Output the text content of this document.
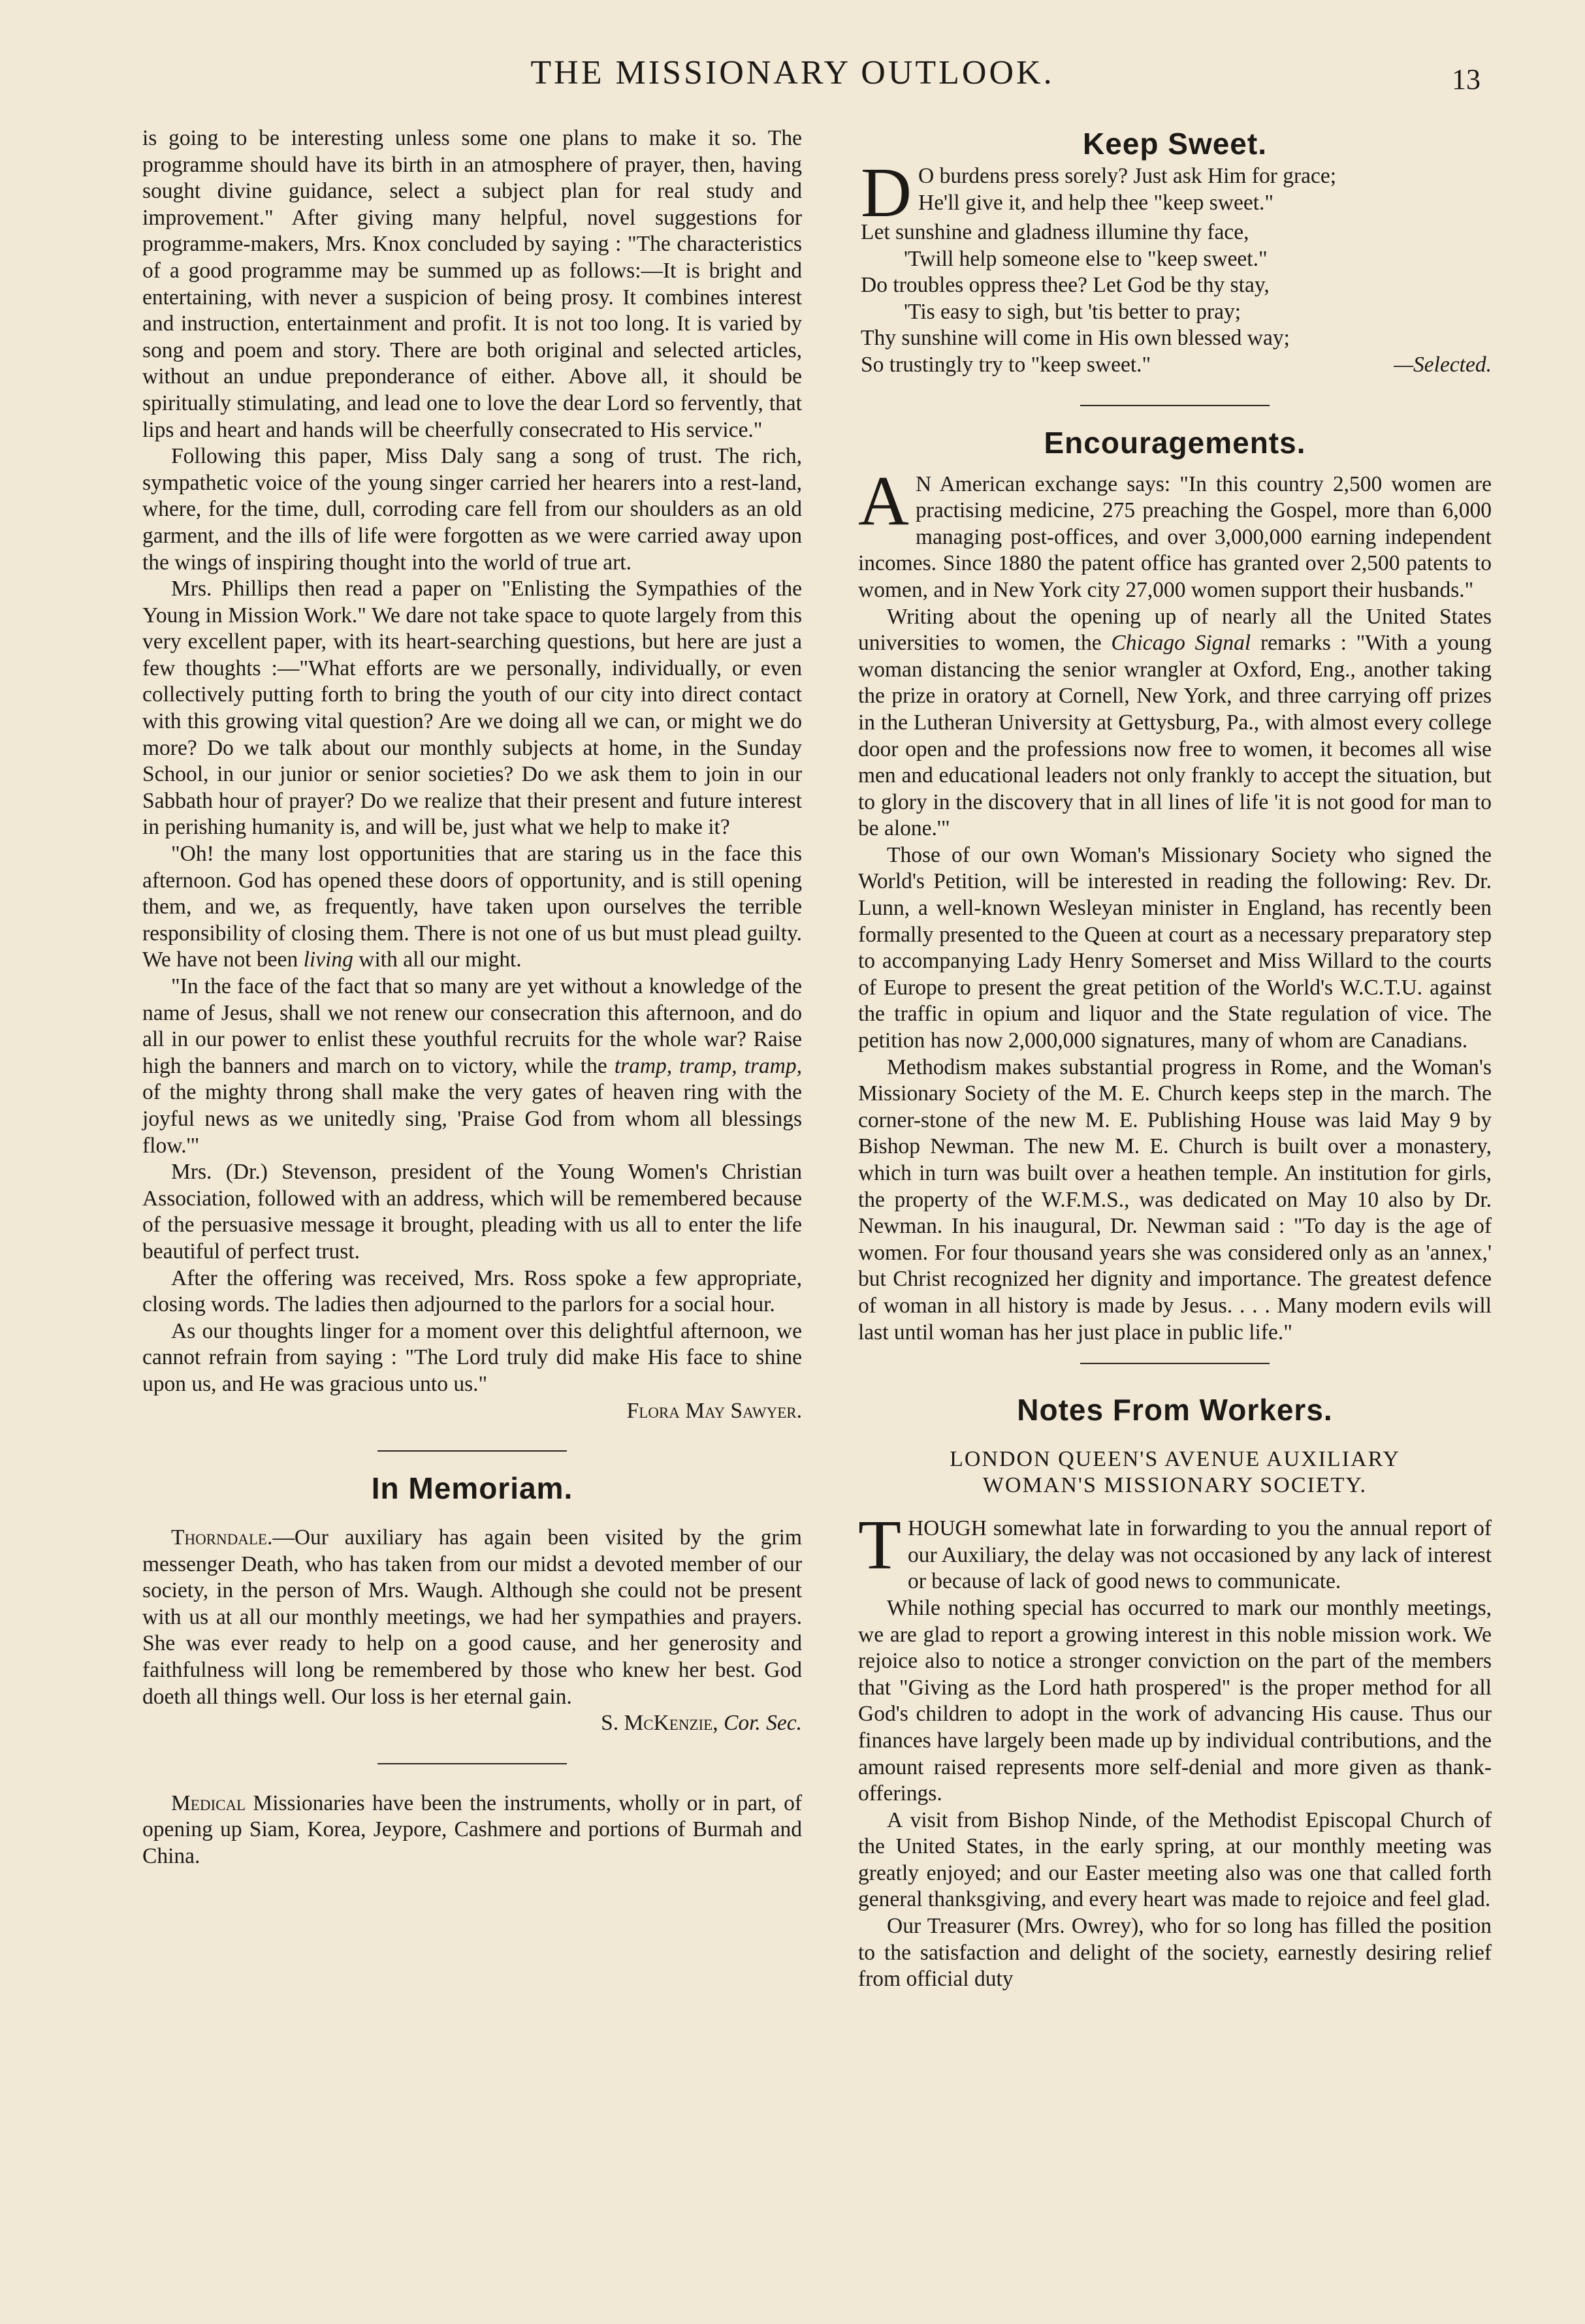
THE MISSIONARY OUTLOOK.	13

is going to be interesting unless some one plans to make it so. The programme should have its birth in an atmosphere of prayer, then, having sought divine guidance, select a subject plan for real study and improvement." After giving many helpful, novel suggestions for programme-makers, Mrs. Knox concluded by saying : "The characteristics of a good programme may be summed up as follows:—It is bright and entertaining, with never a suspicion of being prosy. It combines interest and instruction, entertainment and profit. It is not too long. It is varied by song and poem and story. There are both original and selected articles, without an undue preponderance of either. Above all, it should be spiritually stimulating, and lead one to love the dear Lord so fervently, that lips and heart and hands will be cheerfully consecrated to His service."

Following this paper, Miss Daly sang a song of trust. The rich, sympathetic voice of the young singer carried her hearers into a rest-land, where, for the time, dull, corroding care fell from our shoulders as an old garment, and the ills of life were forgotten as we were carried away upon the wings of inspiring thought into the world of true art.

Mrs. Phillips then read a paper on "Enlisting the Sympathies of the Young in Mission Work." We dare not take space to quote largely from this very excellent paper, with its heart-searching questions, but here are just a few thoughts :—"What efforts are we personally, individually, or even collectively putting forth to bring the youth of our city into direct contact with this growing vital question? Are we doing all we can, or might we do more? Do we talk about our monthly subjects at home, in the Sunday School, in our junior or senior societies? Do we ask them to join in our Sabbath hour of prayer? Do we realize that their present and future interest in perishing humanity is, and will be, just what we help to make it?

"Oh! the many lost opportunities that are staring us in the face this afternoon. God has opened these doors of opportunity, and is still opening them, and we, as frequently, have taken upon ourselves the terrible responsibility of closing them. There is not one of us but must plead guilty. We have not been living with all our might.

"In the face of the fact that so many are yet without a knowledge of the name of Jesus, shall we not renew our consecration this afternoon, and do all in our power to enlist these youthful recruits for the whole war? Raise high the banners and march on to victory, while the tramp, tramp, tramp, of the mighty throng shall make the very gates of heaven ring with the joyful news as we unitedly sing, 'Praise God from whom all blessings flow.'"

Mrs. (Dr.) Stevenson, president of the Young Women's Christian Association, followed with an address, which will be remembered because of the persuasive message it brought, pleading with us all to enter the life beautiful of perfect trust.

After the offering was received, Mrs. Ross spoke a few appropriate, closing words. The ladies then adjourned to the parlors for a social hour.

As our thoughts linger for a moment over this delightful afternoon, we cannot refrain from saying : "The Lord truly did make His face to shine upon us, and He was gracious unto us."

Flora May Sawyer.

In Memoriam.

Thorndale.—Our auxiliary has again been visited by the grim messenger Death, who has taken from our midst a devoted member of our society, in the person of Mrs. Waugh. Although she could not be present with us at all our monthly meetings, we had her sympathies and prayers. She was ever ready to help on a good cause, and her generosity and faithfulness will long be remembered by those who knew her best. God doeth all things well. Our loss is her eternal gain.

S. McKenzie, Cor. Sec.

Medical Missionaries have been the instruments, wholly or in part, of opening up Siam, Korea, Jeypore, Cashmere and portions of Burmah and China.

Keep Sweet.
D O burdens press sorely? Just ask Him for grace;

He'll give it, and help thee "keep sweet."

Let sunshine and gladness illumine thy face,

'Twill help someone else to "keep sweet."

Do troubles oppress thee? Let God be thy stay,

'Tis easy to sigh, but 'tis better to pray;

Thy sunshine will come in His own blessed way;

So trustingly try to "keep sweet."	—Selected.

Encouragements.

A N American exchange says: "In this country 2,500 women are practising medicine, 275 preaching the Gospel, more than 6,000 managing post-offices, and over 3,000,000 earning independent incomes. Since 1880 the patent office has granted over 2,500 patents to women, and in New York city 27,000 women support their husbands."

Writing about the opening up of nearly all the United States universities to women, the Chicago Signal remarks : "With a young woman distancing the senior wrangler at Oxford, Eng., another taking the prize in oratory at Cornell, New York, and three carrying off prizes in the Lutheran University at Gettysburg, Pa., with almost every college door open and the professions now free to women, it becomes all wise men and educational leaders not only frankly to accept the situation, but to glory in the discovery that in all lines of life 'it is not good for man to be alone.'"

Those of our own Woman's Missionary Society who signed the World's Petition, will be interested in reading the following: Rev. Dr. Lunn, a well-known Wesleyan minister in England, has recently been formally presented to the Queen at court as a necessary preparatory step to accompanying Lady Henry Somerset and Miss Willard to the courts of Europe to present the great petition of the World's W.C.T.U. against the traffic in opium and liquor and the State regulation of vice. The petition has now 2,000,000 signatures, many of whom are Canadians.

Methodism makes substantial progress in Rome, and the Woman's Missionary Society of the M. E. Church keeps step in the march. The corner-stone of the new M. E. Publishing House was laid May 9 by Bishop Newman. The new M. E. Church is built over a monastery, which in turn was built over a heathen temple. An institution for girls, the property of the W.F.M.S., was dedicated on May 10 also by Dr. Newman. In his inaugural, Dr. Newman said : "To day is the age of women. For four thousand years she was considered only as an 'annex,' but Christ recognized her dignity and importance. The greatest defence of woman in all history is made by Jesus. . . . Many modern evils will last until woman has her just place in public life."

Notes From Workers.
LONDON QUEEN'S AVENUE AUXILIARY
WOMAN'S MISSIONARY SOCIETY.

THOUGH somewhat late in forwarding to you the annual report of our Auxiliary, the delay was not occasioned by any lack of interest or because of lack of good news to communicate.

While nothing special has occurred to mark our monthly meetings, we are glad to report a growing interest in this noble mission work. We rejoice also to notice a stronger conviction on the part of the members that "Giving as the Lord hath prospered" is the proper method for all God's children to adopt in the work of advancing His cause. Thus our finances have largely been made up by individual contributions, and the amount raised represents more self-denial and more given as thank-offerings.

A visit from Bishop Ninde, of the Methodist Episcopal Church of the United States, in the early spring, at our monthly meeting was greatly enjoyed; and our Easter meeting also was one that called forth general thanksgiving, and every heart was made to rejoice and feel glad.

Our Treasurer (Mrs. Owrey), who for so long has filled the position to the satisfaction and delight of the society, earnestly desiring relief from official duty
